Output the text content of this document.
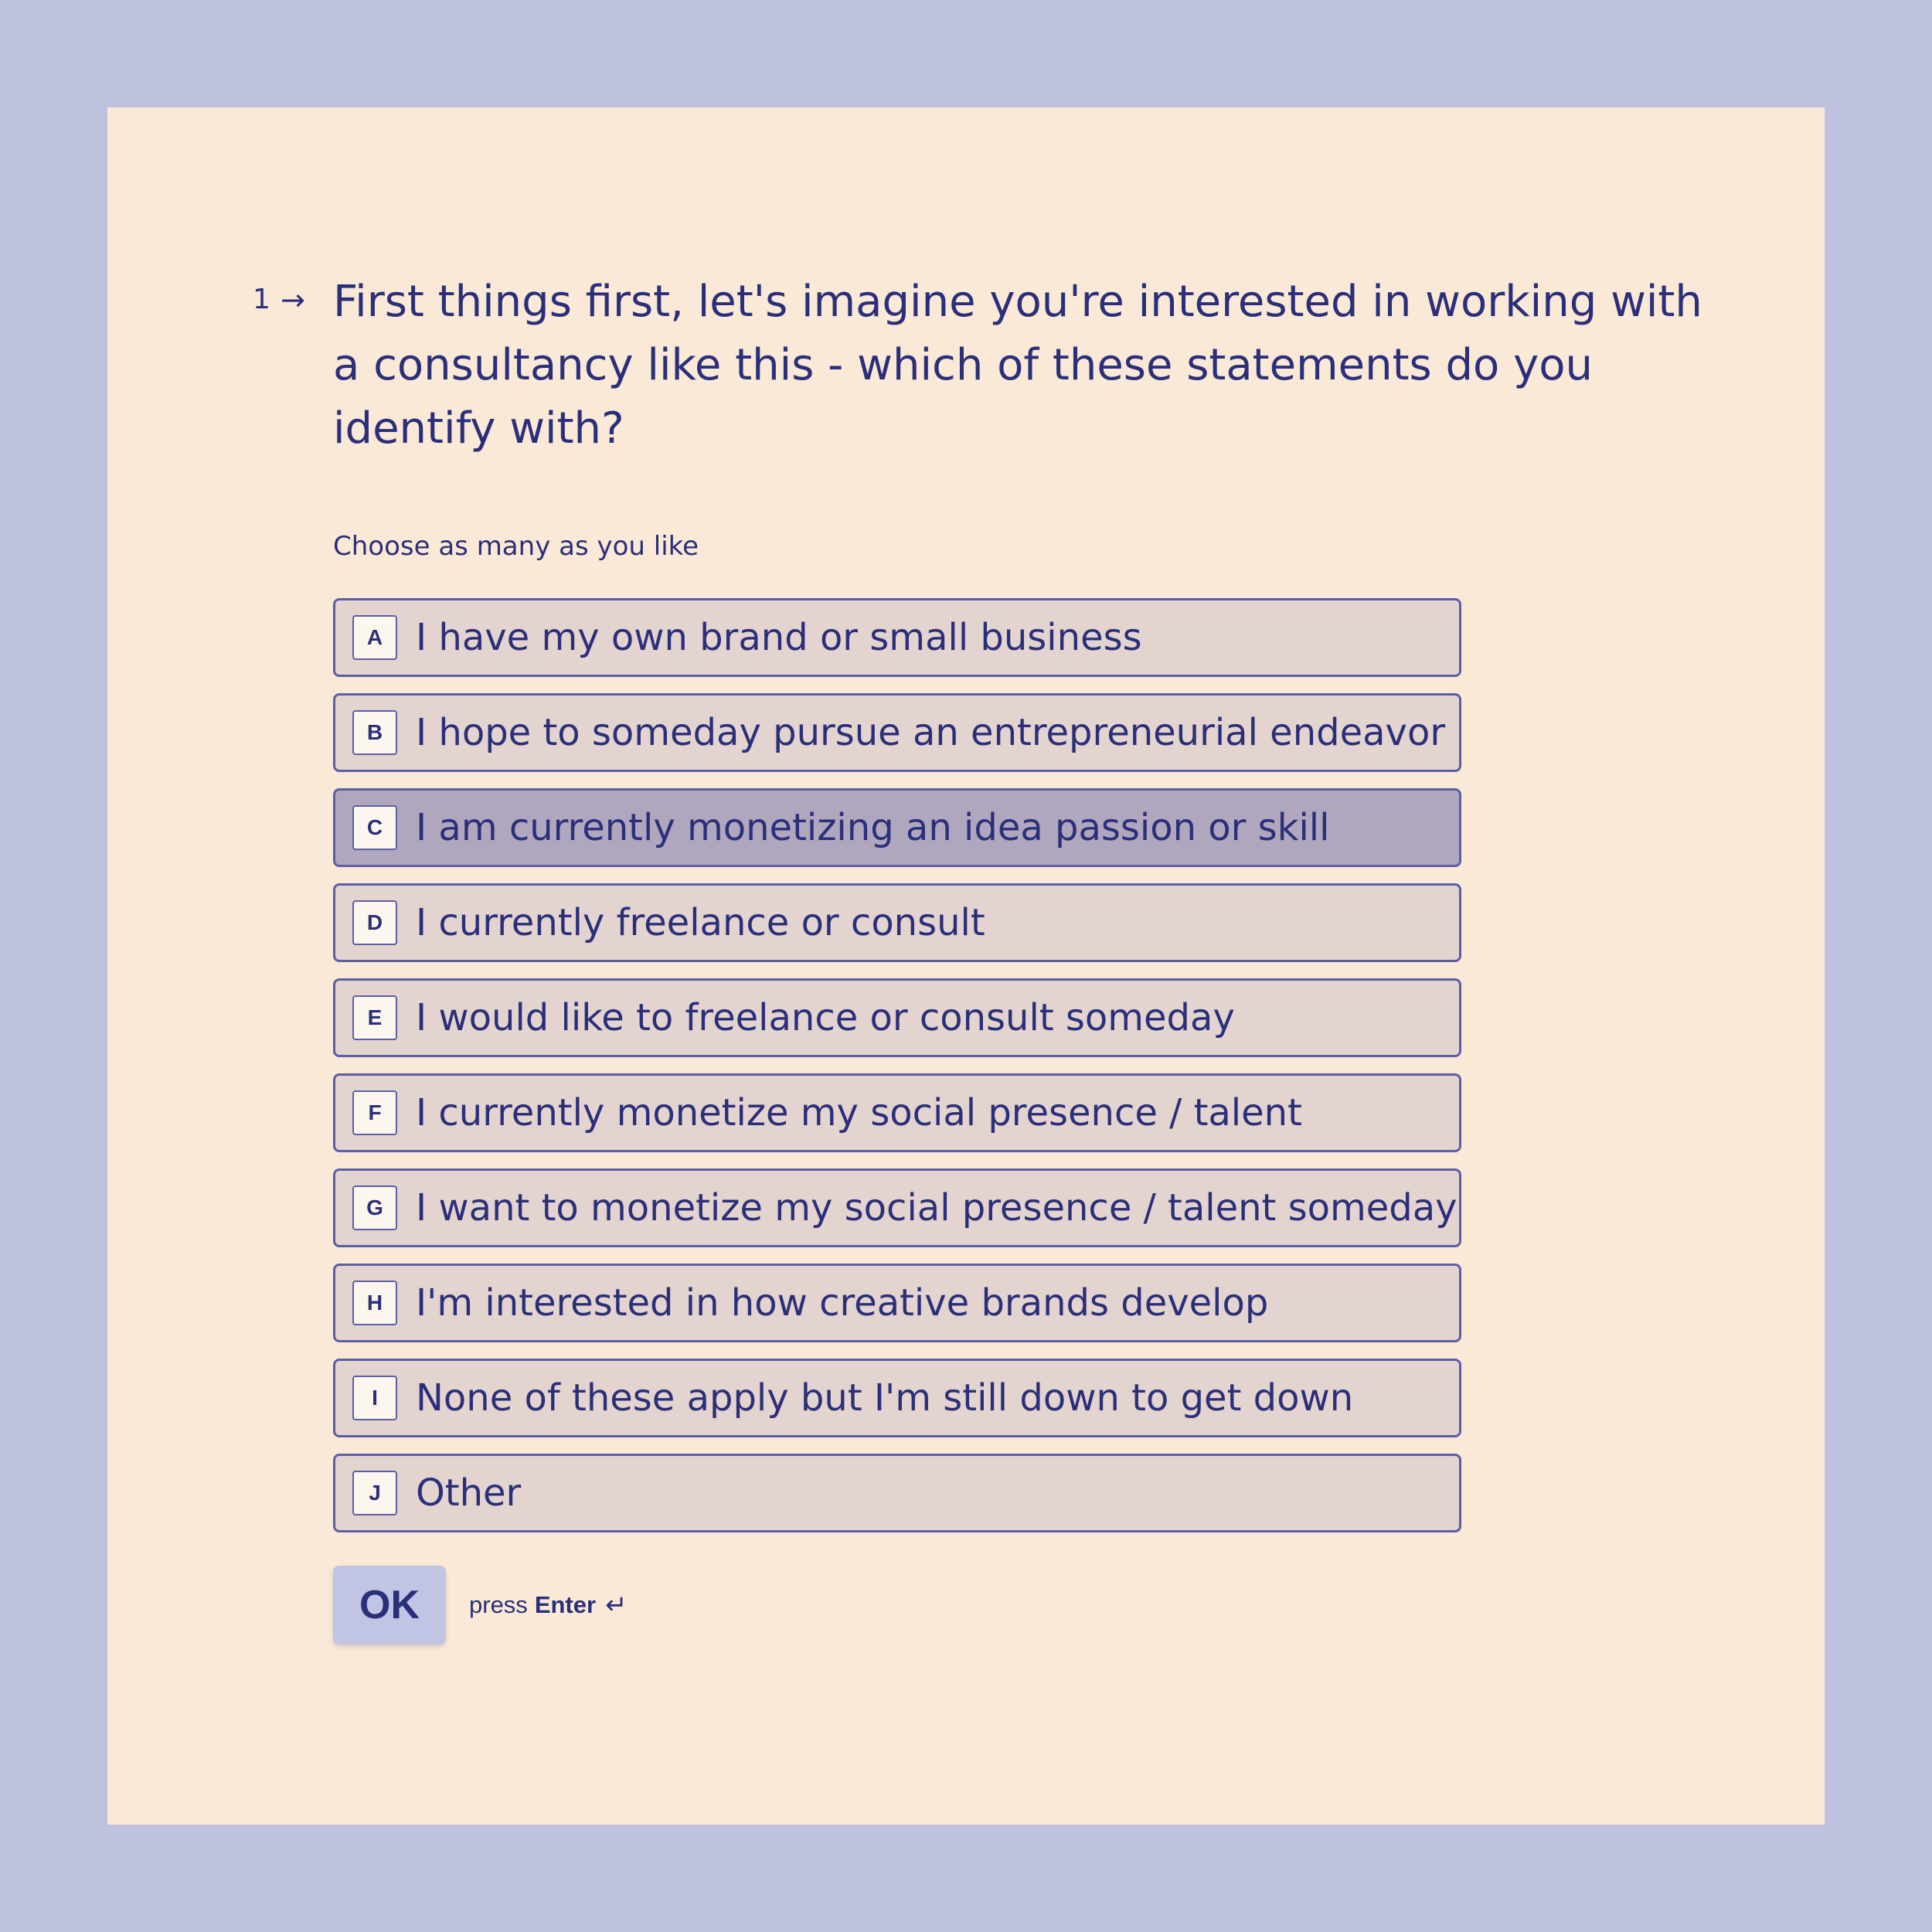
1 → First things first, let's imagine you're interested in working with a consultancy like this - which of these statements do you identify with?
Choose as many as you like
A I have my own brand or small business
B I hope to someday pursue an entrepreneurial endeavor
C I am currently monetizing an idea passion or skill
D I currently freelance or consult
E I would like to freelance or consult someday
F I currently monetize my social presence / talent
G I want to monetize my social presence / talent someday
H I'm interested in how creative brands develop
I	None of these apply but I'm still down to get down
J Other
OK	press Enter ↵
